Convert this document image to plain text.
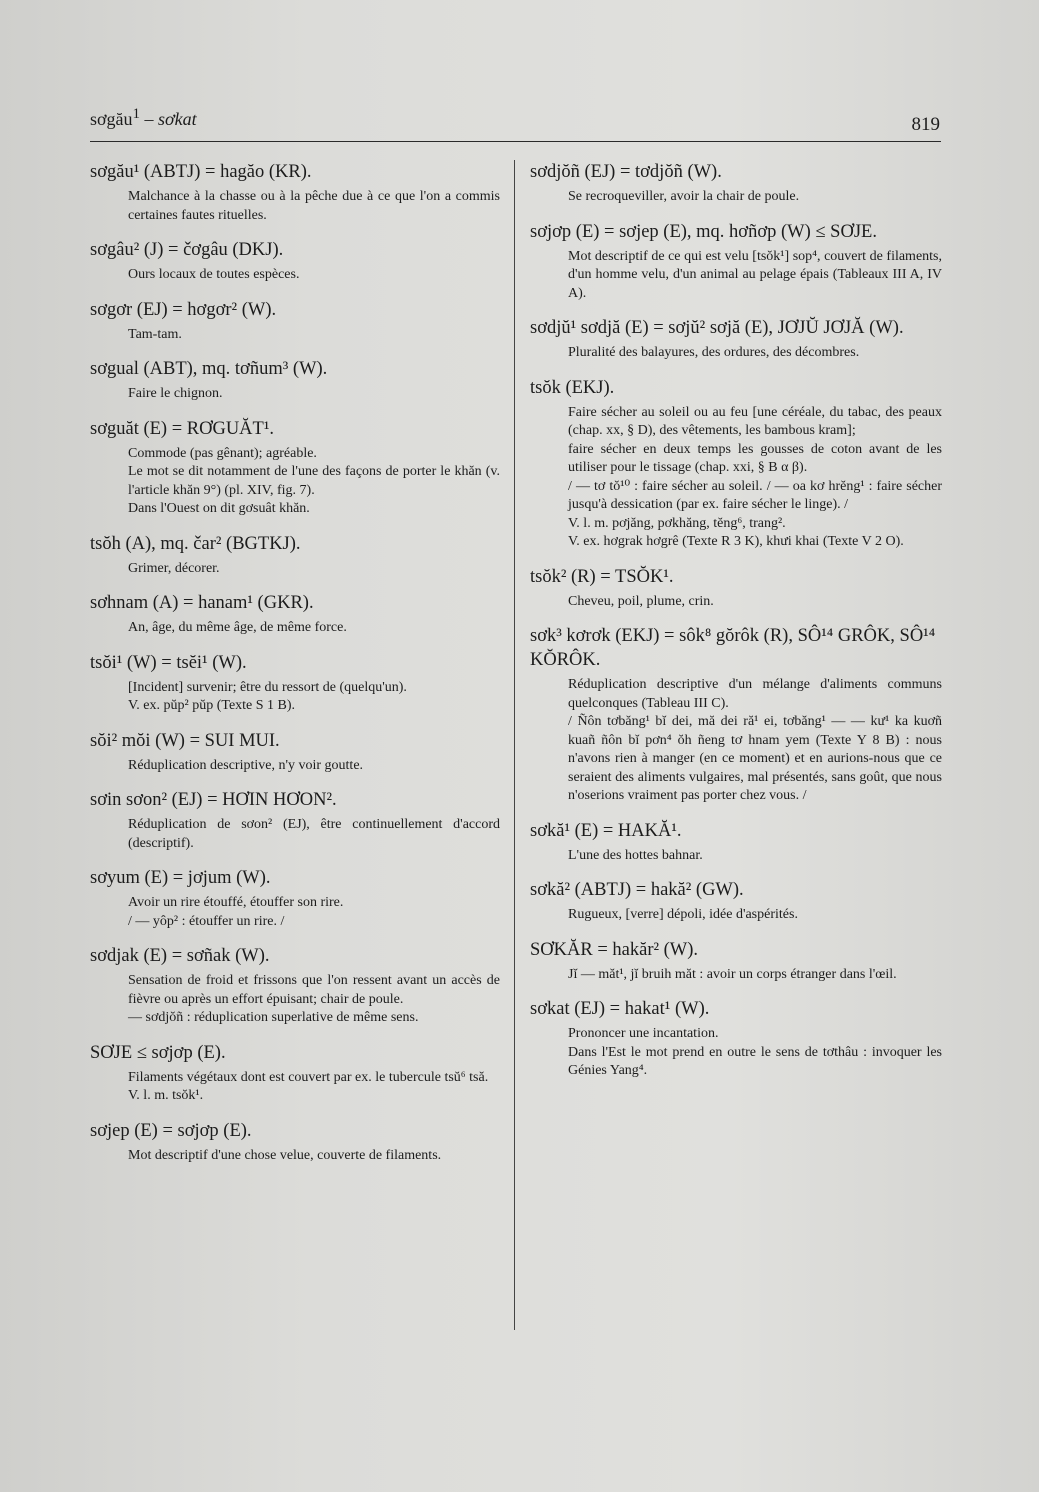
sơgău$^1$ – sơkat	819
sơgău¹ (ABTJ) = hagăo (KR).

Malchance à la chasse ou à la pêche due à ce que l'on a commis certaines fautes rituelles.

sơgâu² (J) = čơgâu (DKJ).

Ours locaux de toutes espèces.

sơgơr (EJ) = hơgơr² (W).

Tam-tam.

sơgual (ABT), mq. tơñum³ (W).

Faire le chignon.

sơguăt (E) = RƠGUĂT¹.

Commode (pas gênant); agréable.

Le mot se dit notamment de l'une des façons de porter le khăn (v. l'article khăn 9°) (pl. XIV, fig. 7).

Dans l'Ouest on dit gơsuât khăn.

tsŏh (A), mq. čar² (BGTKJ).

Grimer, décorer.

sơhnam (A) = hanam¹ (GKR).

An, âge, du même âge, de même force.

tsŏi¹ (W) = tsĕi¹ (W).

[Incident] survenir; être du ressort de (quelqu'un).

V. ex. pŭp² pŭp (Texte S 1 B).

sŏi² mŏi (W) = SUI MUI.

Réduplication descriptive, n'y voir goutte.

sơin sơon² (EJ) = HƠIN HƠON².

Réduplication de sơon² (EJ), être continuellement d'accord (descriptif).

sơyum (E) = jơjum (W).

Avoir un rire étouffé, étouffer son rire.

/ — yôp² : étouffer un rire. /

sơdjak (E) = sơñak (W).

Sensation de froid et frissons que l'on ressent avant un accès de fièvre ou après un effort épuisant; chair de poule.

— sơdjŏñ : réduplication superlative de même sens.

SƠJE ≤ sơjơp (E).

Filaments végétaux dont est couvert par ex. le tubercule tsŭ⁶ tsă.

V. l. m. tsŏk¹.

sơjep (E) = sơjơp (E).

Mot descriptif d'une chose velue, couverte de filaments.

sơdjŏñ (EJ) = tơdjŏñ (W).

Se recroqueviller, avoir la chair de poule.

sơjơp (E) = sơjep (E), mq. hơñơp (W) ≤ SƠJE.

Mot descriptif de ce qui est velu [tsŏk¹] sop⁴, couvert de filaments, d'un homme velu, d'un animal au pelage épais (Tableaux III A, IV A).

sơdjŭ¹ sơdjă (E) = sơjŭ² sơjă (E), JƠJŬ JƠJĂ (W).

Pluralité des balayures, des ordures, des décombres.

tsŏk (EKJ).

Faire sécher au soleil ou au feu [une céréale, du tabac, des peaux (chap. xx, § D), des vêtements, les bambous kram];

faire sécher en deux temps les gousses de coton avant de les utiliser pour le tissage (chap. xxi, § B α β).

/ — tơ tŏ¹⁰ : faire sécher au soleil. / — oa kơ hrĕng¹ : faire sécher jusqu'à dessication (par ex. faire sécher le linge). /

V. l. m. pơjăng, pơkhăng, tĕng⁶, trang².

V. ex. hơgrak hơgrê (Texte R 3 K), khưi khai (Texte V 2 O).

tsŏk² (R) = TSŎK¹.

Cheveu, poil, plume, crin.

sơk³ kơrơk (EKJ) = sôk⁸ gŏrôk (R), SÔ¹⁴ GRÔK, SÔ¹⁴ KŎRÔK.

Réduplication descriptive d'un mélange d'aliments communs quelconques (Tableau III C).

/ Ñôn tơbăng¹ bĭ dei, mă dei ră¹ ei, tơbăng¹ — — kư¹ ka kuơñ kuañ ñôn bĭ pơn⁴ ŏh ñeng tơ hnam yem (Texte Y 8 B) : nous n'avons rien à manger (en ce moment) et en aurions-nous que ce seraient des aliments vulgaires, mal présentés, sans goût, que nous n'oserions vraiment pas porter chez vous. /

sơkă¹ (E) = HAKĂ¹.

L'une des hottes bahnar.

sơkă² (ABTJ) = hakă² (GW).

Rugueux, [verre] dépoli, idée d'aspérités.

SƠKĂR = hakăr² (W).

Jĭ — măt¹, jĭ bruih măt : avoir un corps étranger dans l'œil.

sơkat (EJ) = hakat¹ (W).

Prononcer une incantation.

Dans l'Est le mot prend en outre le sens de tơthâu : invoquer les Génies Yang⁴.
